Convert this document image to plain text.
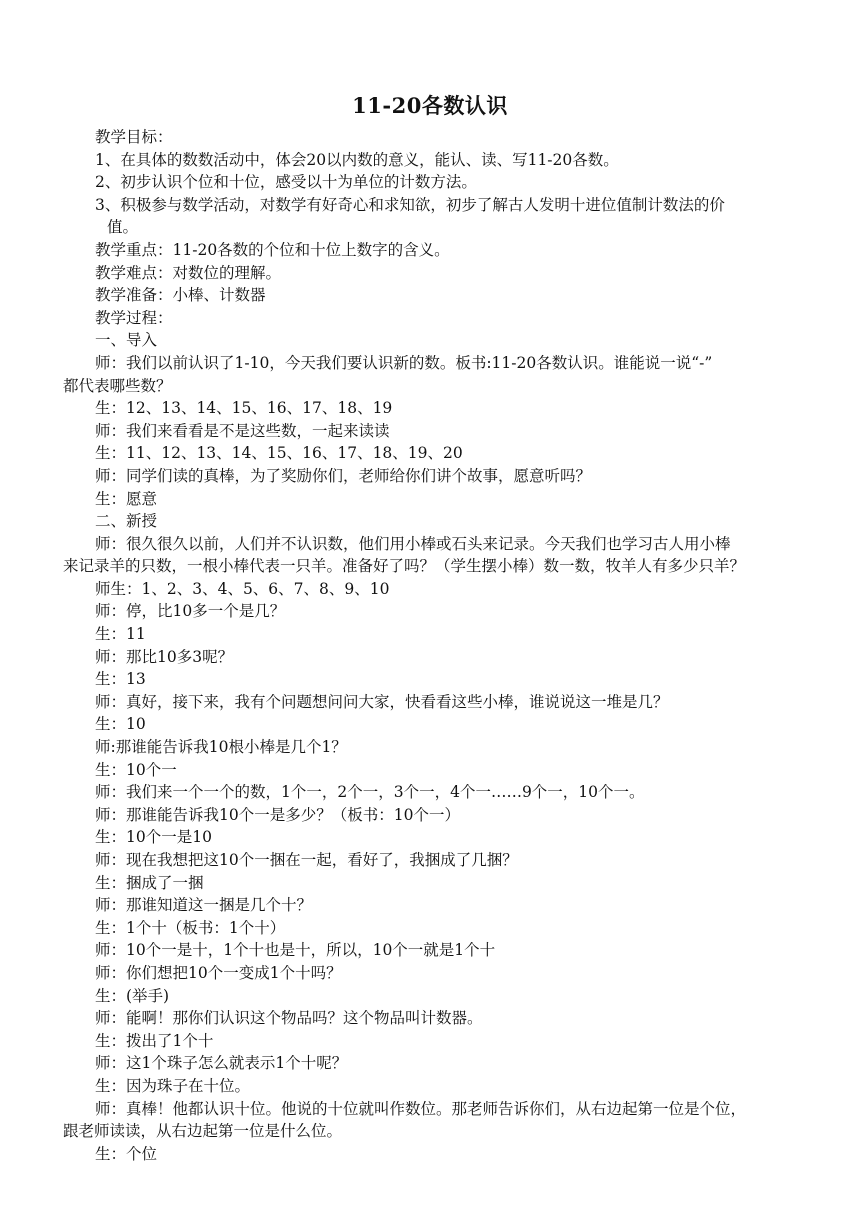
11-20各数认识
教学目标：
1、在具体的数数活动中，体会20以内数的意义，能认、读、写11-20各数。
2、初步认识个位和十位，感受以十为单位的计数方法。
3、积极参与数学活动，对数学有好奇心和求知欲，初步了解古人发明十进位值制计数法的价
值。
教学重点：11-20各数的个位和十位上数字的含义。
教学难点：对数位的理解。
教学准备：小棒、计数器
教学过程：
一、导入
师：我们以前认识了1-10，今天我们要认识新的数。板书:11-20各数认识。谁能说一说“-”
都代表哪些数？
生：12、13、14、15、16、17、18、19
师：我们来看看是不是这些数，一起来读读
生：11、12、13、14、15、16、17、18、19、20
师：同学们读的真棒，为了奖励你们，老师给你们讲个故事，愿意听吗？
生：愿意
二、新授
师：很久很久以前，人们并不认识数，他们用小棒或石头来记录。今天我们也学习古人用小棒
来记录羊的只数，一根小棒代表一只羊。准备好了吗？（学生摆小棒）数一数，牧羊人有多少只羊？
师生：1、2、3、4、5、6、7、8、9、10
师：停，比10多一个是几？
生：11
师：那比10多3呢？
生：13
师：真好，接下来，我有个问题想问问大家，快看看这些小棒，谁说说这一堆是几？
生：10
师:那谁能告诉我10根小棒是几个1？
生：10个一
师：我们来一个一个的数，1个一，2个一，3个一，4个一……9个一，10个一。
师：那谁能告诉我10个一是多少？（板书：10个一）
生：10个一是10
师：现在我想把这10个一捆在一起，看好了，我捆成了几捆？
生：捆成了一捆
师：那谁知道这一捆是几个十？
生：1个十（板书：1个十）
师：10个一是十，1个十也是十，所以，10个一就是1个十
师：你们想把10个一变成1个十吗？
生：(举手)
师：能啊！那你们认识这个物品吗？这个物品叫计数器。
生：拨出了1个十
师：这1个珠子怎么就表示1个十呢？
生：因为珠子在十位。
师：真棒！他都认识十位。他说的十位就叫作数位。那老师告诉你们，从右边起第一位是个位，
跟老师读读，从右边起第一位是什么位。
生：个位
